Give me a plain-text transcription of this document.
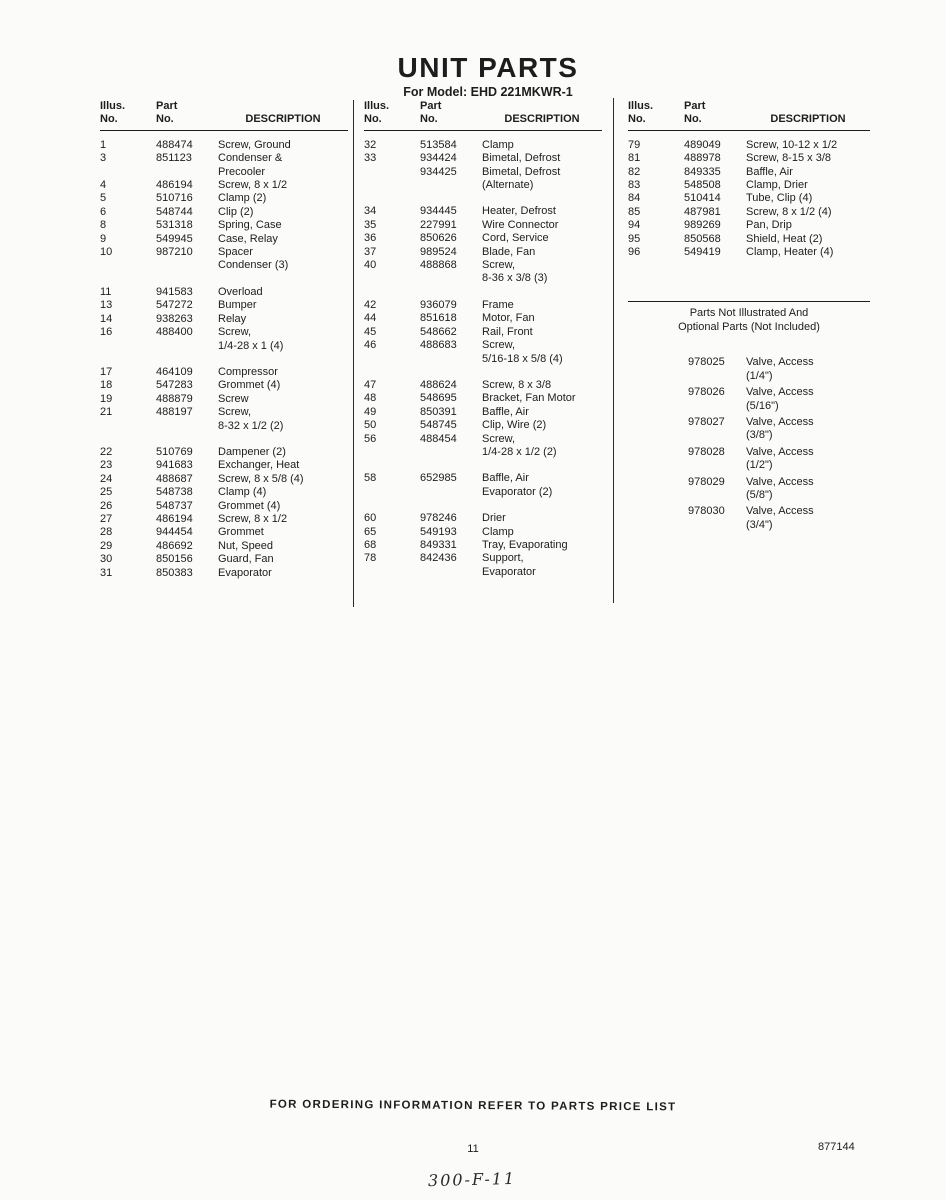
UNIT PARTS
For Model: EHD 221MKWR-1
Illus.
No.
Part
No.	DESCRIPTION
1	488474	Screw, Ground
3	851123	Condenser &
Precooler
4	486194	Screw, 8 x 1/2
5	510716	Clamp (2)
6	548744	Clip (2)
8	531318	Spring, Case
9	549945	Case, Relay
10	987210	Spacer
Condenser (3)
11	941583	Overload
13	547272	Bumper
14	938263	Relay
16	488400	Screw,
1/4-28 x 1 (4)
17	464109	Compressor
18	547283	Grommet (4)
19	488879	Screw
21	488197	Screw,
8-32 x 1/2 (2)
22	510769	Dampener (2)
23	941683	Exchanger, Heat
24	488687	Screw, 8 x 5/8 (4)
25	548738	Clamp (4)
26	548737	Grommet (4)
27	486194	Screw, 8 x 1/2
28	944454	Grommet
29	486692	Nut, Speed
30	850156	Guard, Fan
31	850383	Evaporator
Illus.
No.
Part
No.	DESCRIPTION
32	513584	Clamp
33	934424	Bimetal, Defrost
934425	Bimetal, Defrost
(Alternate)
34	934445	Heater, Defrost
35	227991	Wire Connector
36	850626	Cord, Service
37	989524	Blade, Fan
40	488868	Screw,
8-36 x 3/8 (3)
42	936079	Frame
44	851618	Motor, Fan
45	548662	Rail, Front
46	488683	Screw,
5/16-18 x 5/8 (4)
47	488624	Screw, 8 x 3/8
48	548695	Bracket, Fan Motor
49	850391	Baffle, Air
50	548745	Clip, Wire (2)
56	488454	Screw,
1/4-28 x 1/2 (2)
58	652985	Baffle, Air
Evaporator (2)
60	978246	Drier
65	549193	Clamp
68	849331	Tray, Evaporating
78	842436	Support,
Evaporator
Illus.
No.
Part
No.	DESCRIPTION
79	489049	Screw, 10-12 x 1/2
81	488978	Screw, 8-15 x 3/8
82	849335	Baffle, Air
83	548508	Clamp, Drier
84	510414	Tube, Clip (4)
85	487981	Screw, 8 x 1/2 (4)
94	989269	Pan, Drip
95	850568	Shield, Heat (2)
96	549419	Clamp, Heater (4)
Parts Not Illustrated And
Optional Parts (Not Included)
978025	Valve, Access
(1/4")
978026	Valve, Access
(5/16")
978027	Valve, Access
(3/8")
978028	Valve, Access
(1/2")
978029	Valve, Access
(5/8")
978030	Valve, Access
(3/4")
FOR ORDERING INFORMATION REFER TO PARTS PRICE LIST
11	877144
300-F-11
